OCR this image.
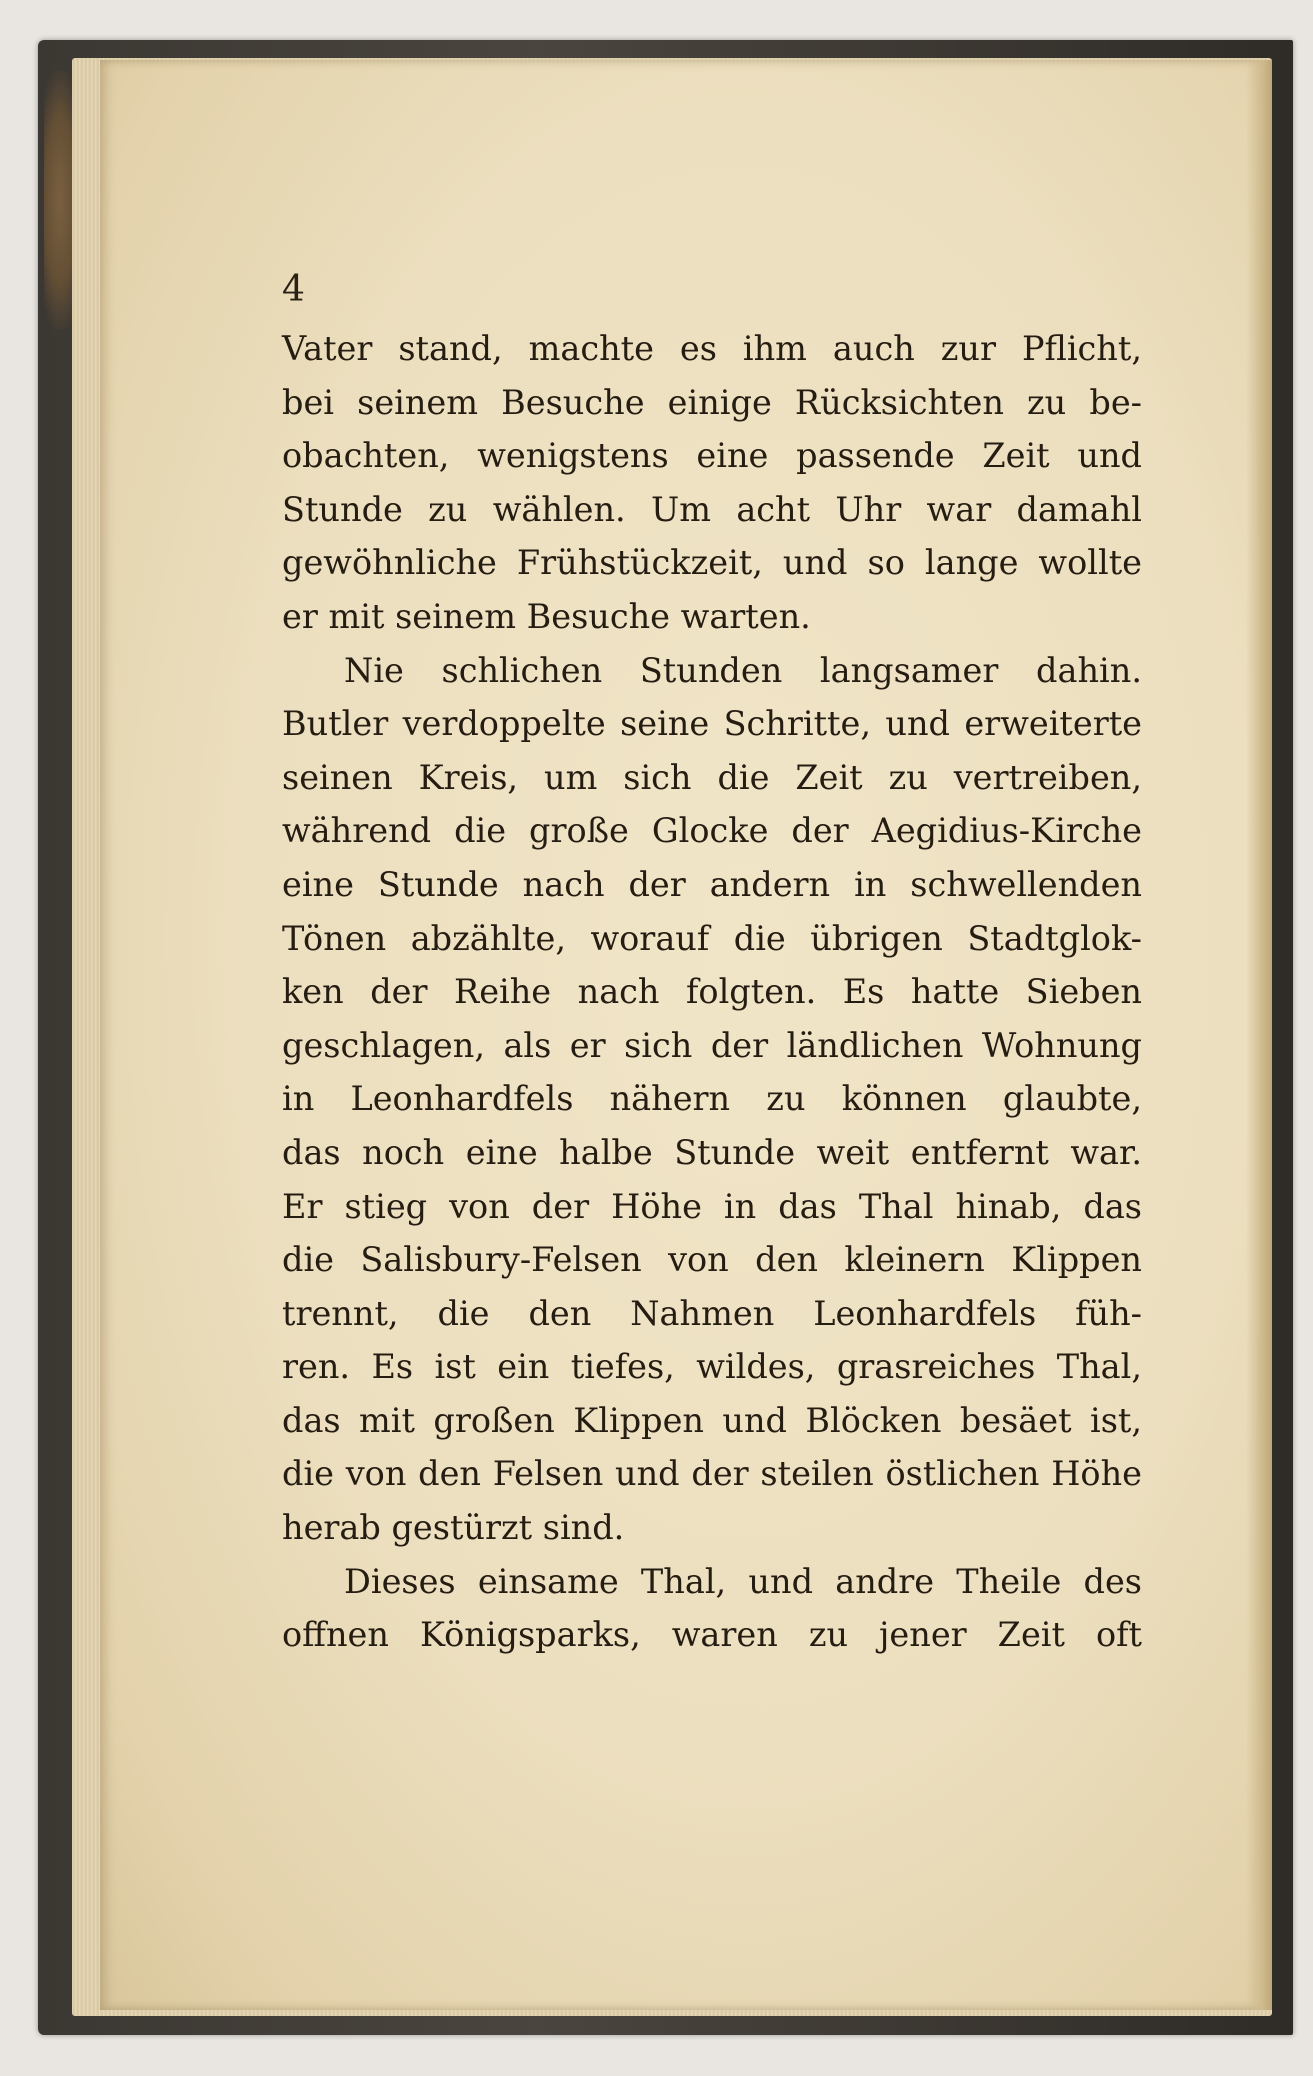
4
Vater stand, machte es ihm auch zur Pflicht,
bei seinem Besuche einige Rücksichten zu be-
obachten, wenigstens eine passende Zeit und
Stunde zu wählen. Um acht Uhr war damahl
gewöhnliche Frühstückzeit, und so lange wollte
er mit seinem Besuche warten.
Nie schlichen Stunden langsamer dahin.
Butler verdoppelte seine Schritte, und erweiterte
seinen Kreis, um sich die Zeit zu vertreiben,
während die große Glocke der Aegidius-Kirche
eine Stunde nach der andern in schwellenden
Tönen abzählte, worauf die übrigen Stadtglok-
ken der Reihe nach folgten. Es hatte Sieben
geschlagen, als er sich der ländlichen Wohnung
in Leonhardfels nähern zu können glaubte,
das noch eine halbe Stunde weit entfernt war.
Er stieg von der Höhe in das Thal hinab, das
die Salisbury-Felsen von den kleinern Klippen
trennt, die den Nahmen Leonhardfels füh-
ren. Es ist ein tiefes, wildes, grasreiches Thal,
das mit großen Klippen und Blöcken besäet ist,
die von den Felsen und der steilen östlichen Höhe
herab gestürzt sind.
Dieses einsame Thal, und andre Theile des
offnen Königsparks, waren zu jener Zeit oft
